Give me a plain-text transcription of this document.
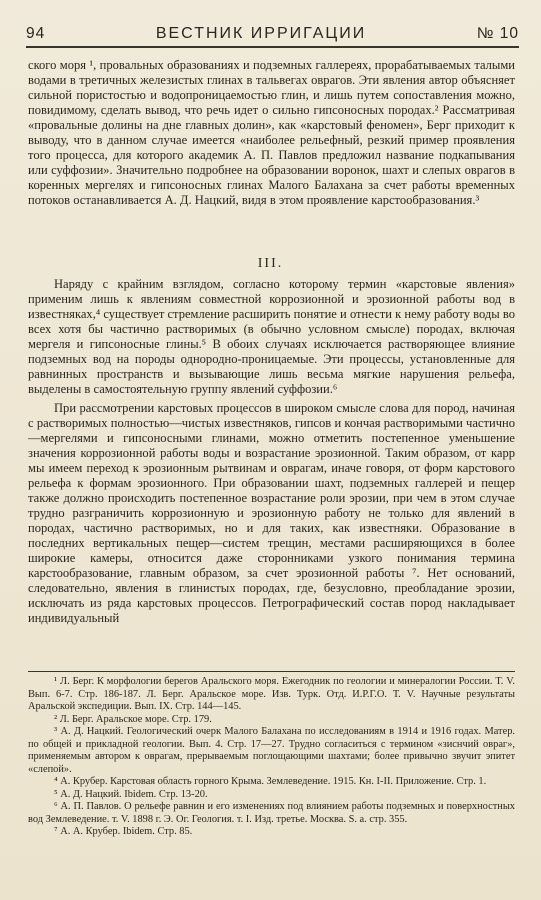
94	ВЕСТНИК ИРРИГАЦИИ	№ 10

ского моря ¹, провальных образованиях и подземных галлереях, прорабатываемых талыми водами в третичных железистых глинах в тальвегах оврагов. Эти явления автор объясняет сильной пористостью и водопроницаемостью глин, и лишь путем сопоставления можно, повидимому, сделать вывод, что речь идет о сильно гипсоносных породах.² Рассматривая «провальные долины на дне главных долин», как «карстовый феномен», Берг приходит к выводу, что в данном случае имеется «наиболее рельефный, резкий пример проявления того процесса, для которого академик А. П. Павлов предложил название подкапывания или суффозии». Значительно подробнее на образовании воронок, шахт и слепых оврагов в коренных мергелях и гипсоносных глинах Малого Балахана за счет работы временных потоков останавливается А. Д. Нацкий, видя в этом проявление карстообразования.³

III.

Наряду с крайним взглядом, согласно которому термин «карстовые явления» применим лишь к явлениям совместной коррозионной и эрозионной работы вод в известняках,⁴ существует стремление расширить понятие и отнести к нему работу воды во всех хотя бы частично растворимых (в обычно условном смысле) породах, включая мергеля и гипсоносные глины.⁵ В обоих случаях исключается растворяющее влияние подземных вод на породы однородно-проницаемые. Эти процессы, установленные для равнинных пространств и вызывающие лишь весьма мягкие нарушения рельефа, выделены в самостоятельную группу явлений суффозии.⁶

При рассмотрении карстовых процессов в широком смысле слова для пород, начиная с растворимых полностью—чистых известняков, гипсов и кончая растворимыми частично—мергелями и гипсоносными глинами, можно отметить постепенное уменьшение значения коррозионной работы воды и возрастание эрозионной. Таким образом, от карр мы имеем переход к эрозионным рытвинам и оврагам, иначе говоря, от форм карстового рельефа к формам эрозионного. При образовании шахт, подземных галлерей и пещер также должно происходить постепенное возрастание роли эрозии, при чем в этом случае трудно разграничить коррозионную и эрозионную работу не только для явлений в породах, частично растворимых, но и для таких, как известняки. Образование в последних вертикальных пещер—систем трещин, местами расширяющихся в более широкие камеры, относится даже сторонниками узкого понимания термина карстообразование, главным образом, за счет эрозионной работы ⁷. Нет оснований, следовательно, явления в глинистых породах, где, безусловно, преобладание эрозии, исключать из ряда карстовых процессов. Петрографический состав пород накладывает индивидуальный

¹ Л. Берг. К морфологии берегов Аральского моря. Ежегодник по геологии и минералогии России. Т. V. Вып. 6-7. Стр. 186-187. Л. Берг. Аральское море. Изв. Турк. Отд. И.Р.Г.О. Т. V. Научные результаты Аральской экспедиции. Вып. IX. Стр. 144—145.

² Л. Берг. Аральское море. Стр. 179.

³ А. Д. Нацкий. Геологический очерк Малого Балахана по исследованиям в 1914 и 1916 годах. Матер. по общей и прикладной геологии. Вып. 4. Стр. 17—27. Трудно согласиться с термином «зиснчий овраг», применяемым автором к оврагам, прерываемым поглощающими шахтами; более привычно звучит эпитет «слепой».

⁴ А. Крубер. Карстовая область горного Крыма. Землеведение. 1915. Кн. I-II. Приложение. Стр. 1.

⁵ А. Д. Нацкий. Ibidem. Стр. 13-20.

⁶ А. П. Павлов. О рельефе равнин и его изменениях под влиянием работы подземных и поверхностных вод Землеведение. т. V. 1898 г. Э. Ог. Геология. т. I. Изд. третье. Москва. S. a. стр. 355.

⁷ А. А. Крубер. Ibidem. Стр. 85.
